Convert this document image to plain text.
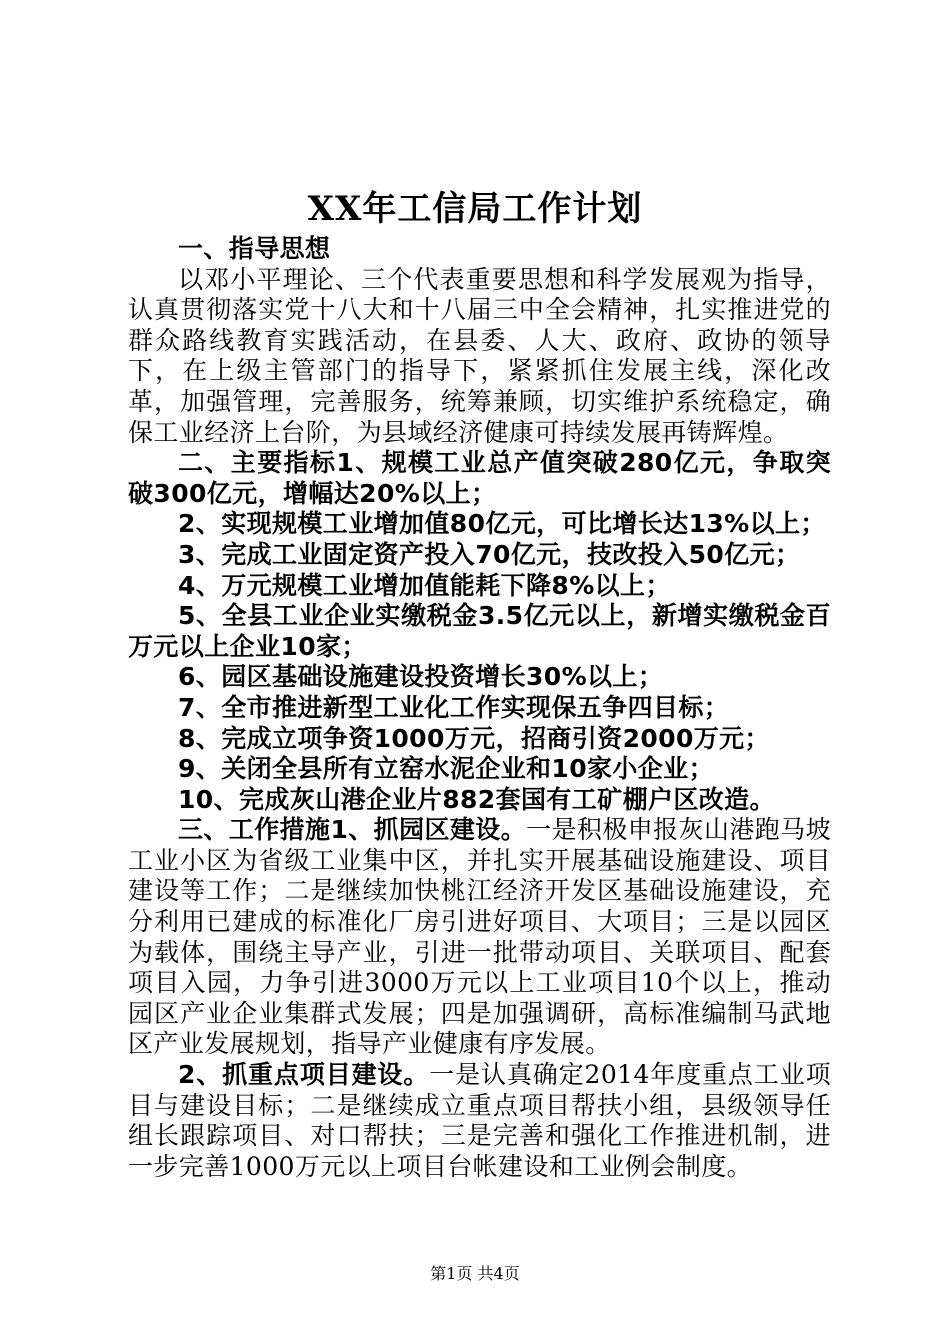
XX年工信局工作计划

一、指导思想

以邓小平理论、三个代表重要思想和科学发展观为指导，认真贯彻落实党十八大和十八届三中全会精神，扎实推进党的群众路线教育实践活动，在县委、人大、政府、政协的领导下，在上级主管部门的指导下，紧紧抓住发展主线，深化改革，加强管理，完善服务，统筹兼顾，切实维护系统稳定，确保工业经济上台阶，为县域经济健康可持续发展再铸辉煌。

二、主要指标1、规模工业总产值突破280亿元，争取突破300亿元，增幅达20%以上；

2、实现规模工业增加值80亿元，可比增长达13%以上；

3、完成工业固定资产投入70亿元，技改投入50亿元；

4、万元规模工业增加值能耗下降8%以上；

5、全县工业企业实缴税金3.5亿元以上，新增实缴税金百万元以上企业10家；

6、园区基础设施建设投资增长30%以上；

7、全市推进新型工业化工作实现保五争四目标；

8、完成立项争资1000万元，招商引资2000万元；

9、关闭全县所有立窑水泥企业和10家小企业；

10、完成灰山港企业片882套国有工矿棚户区改造。

三、工作措施1、抓园区建设。一是积极申报灰山港跑马坡工业小区为省级工业集中区，并扎实开展基础设施建设、项目建设等工作；二是继续加快桃江经济开发区基础设施建设，充分利用已建成的标准化厂房引进好项目、大项目；三是以园区为载体，围绕主导产业，引进一批带动项目、关联项目、配套项目入园，力争引进3000万元以上工业项目10个以上，推动园区产业企业集群式发展；四是加强调研，高标准编制马武地区产业发展规划，指导产业健康有序发展。

2、抓重点项目建设。一是认真确定2014年度重点工业项目与建设目标；二是继续成立重点项目帮扶小组，县级领导任组长跟踪项目、对口帮扶；三是完善和强化工作推进机制，进一步完善1000万元以上项目台帐建设和工业例会制度。

第1页 共4页
